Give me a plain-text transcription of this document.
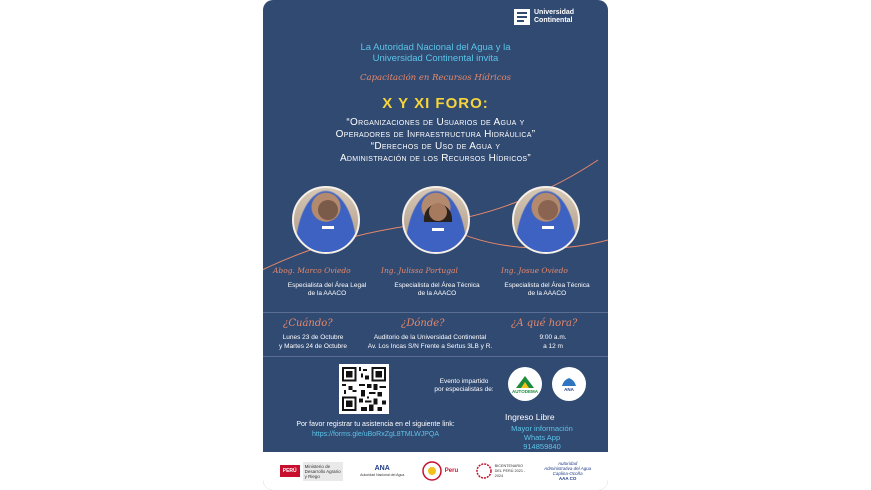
Universidad Continental
La Autoridad Nacional del Agua y la
Universidad Continental invita
Capacitación en Recursos Hídricos
X Y XI FORO:
“Organizaciones de Usuarios de Agua y
Operadores de Infraestructura Hidráulica”
“Derechos de Uso de Agua y
Administración de los Recursos Hídricos”
Abog. Marco Oviedo	Ing. Julissa Portugal	Ing. Josue Oviedo
Especialista del Área Legal
de la AAACO
Especialista del Área Técnica
de la AAACO
Especialista del Área Técnica
de la AAACO
¿Cuándo?
Lunes 23 de Octubre
y Martes 24 de Octubre
¿Dónde?
Auditorio de la Universidad Continental
Av. Los Incas S/N Frente a Sertus 3LB y R.
¿A qué hora?
9:00 a.m.
a 12 m
Evento impartido
por especialistas de:	AUTODEMA	ANA
Ingreso Libre
Mayor información
Whats App 914859840
Por favor registrar tu asistencia en el siguiente link:
https://forms.gle/uBoRxZgL8TMLWJPQA
PERÚ
Ministerio de Desarrollo Agrario y Riego
ANA
Autoridad Nacional del Agua
Peru
BICENTENARIO DEL PERÚ 2021 - 2024
Autoridad
Administrativa del Agua
Caplina-Ocoña
AAA CO
